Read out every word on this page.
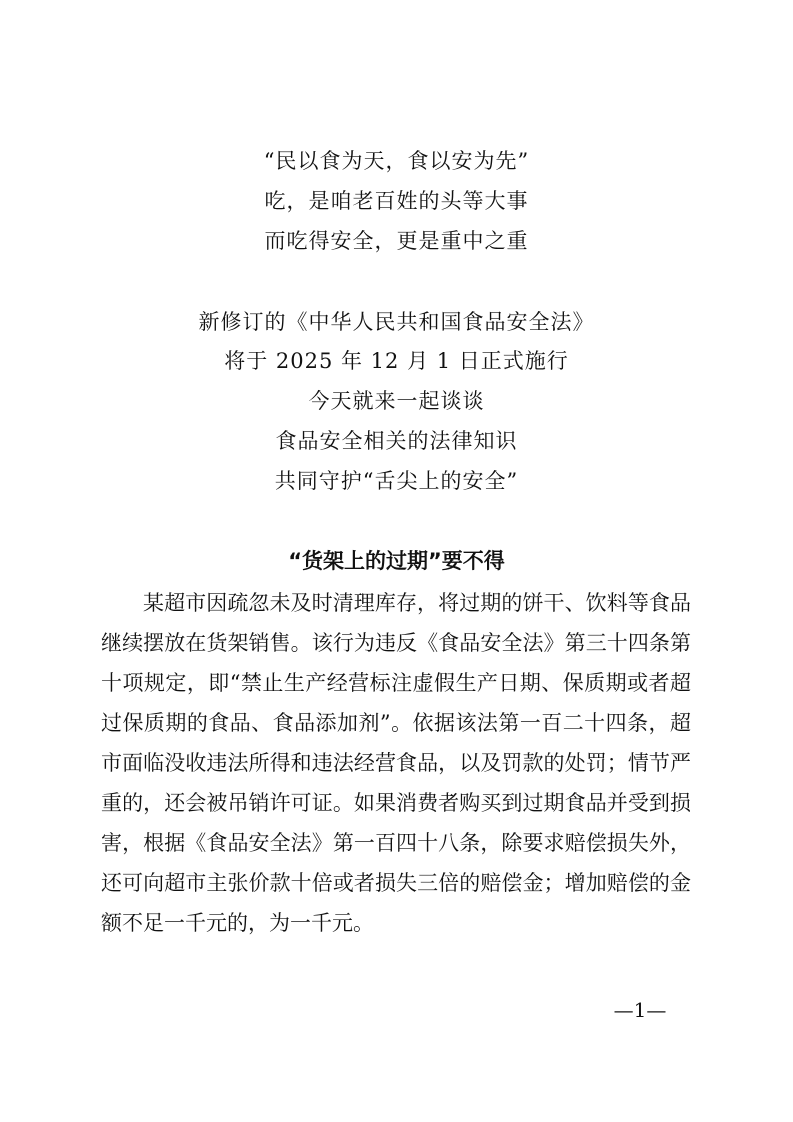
“民以食为天，食以安为先”
吃，是咱老百姓的头等大事
而吃得安全，更是重中之重
新修订的《中华人民共和国食品安全法》
将于 2025 年 12 月 1 日正式施行
今天就来一起谈谈
食品安全相关的法律知识
共同守护“舌尖上的安全”
“货架上的过期”要不得
某超市因疏忽未及时清理库存，将过期的饼干、饮料等食品
继续摆放在货架销售。该行为违反《食品安全法》第三十四条第
十项规定，即“禁止生产经营标注虚假生产日期、保质期或者超
过保质期的食品、食品添加剂”。依据该法第一百二十四条，超
市面临没收违法所得和违法经营食品，以及罚款的处罚；情节严
重的，还会被吊销许可证。如果消费者购买到过期食品并受到损
害，根据《食品安全法》第一百四十八条，除要求赔偿损失外，
还可向超市主张价款十倍或者损失三倍的赔偿金；增加赔偿的金
额不足一千元的，为一千元。
—1—
